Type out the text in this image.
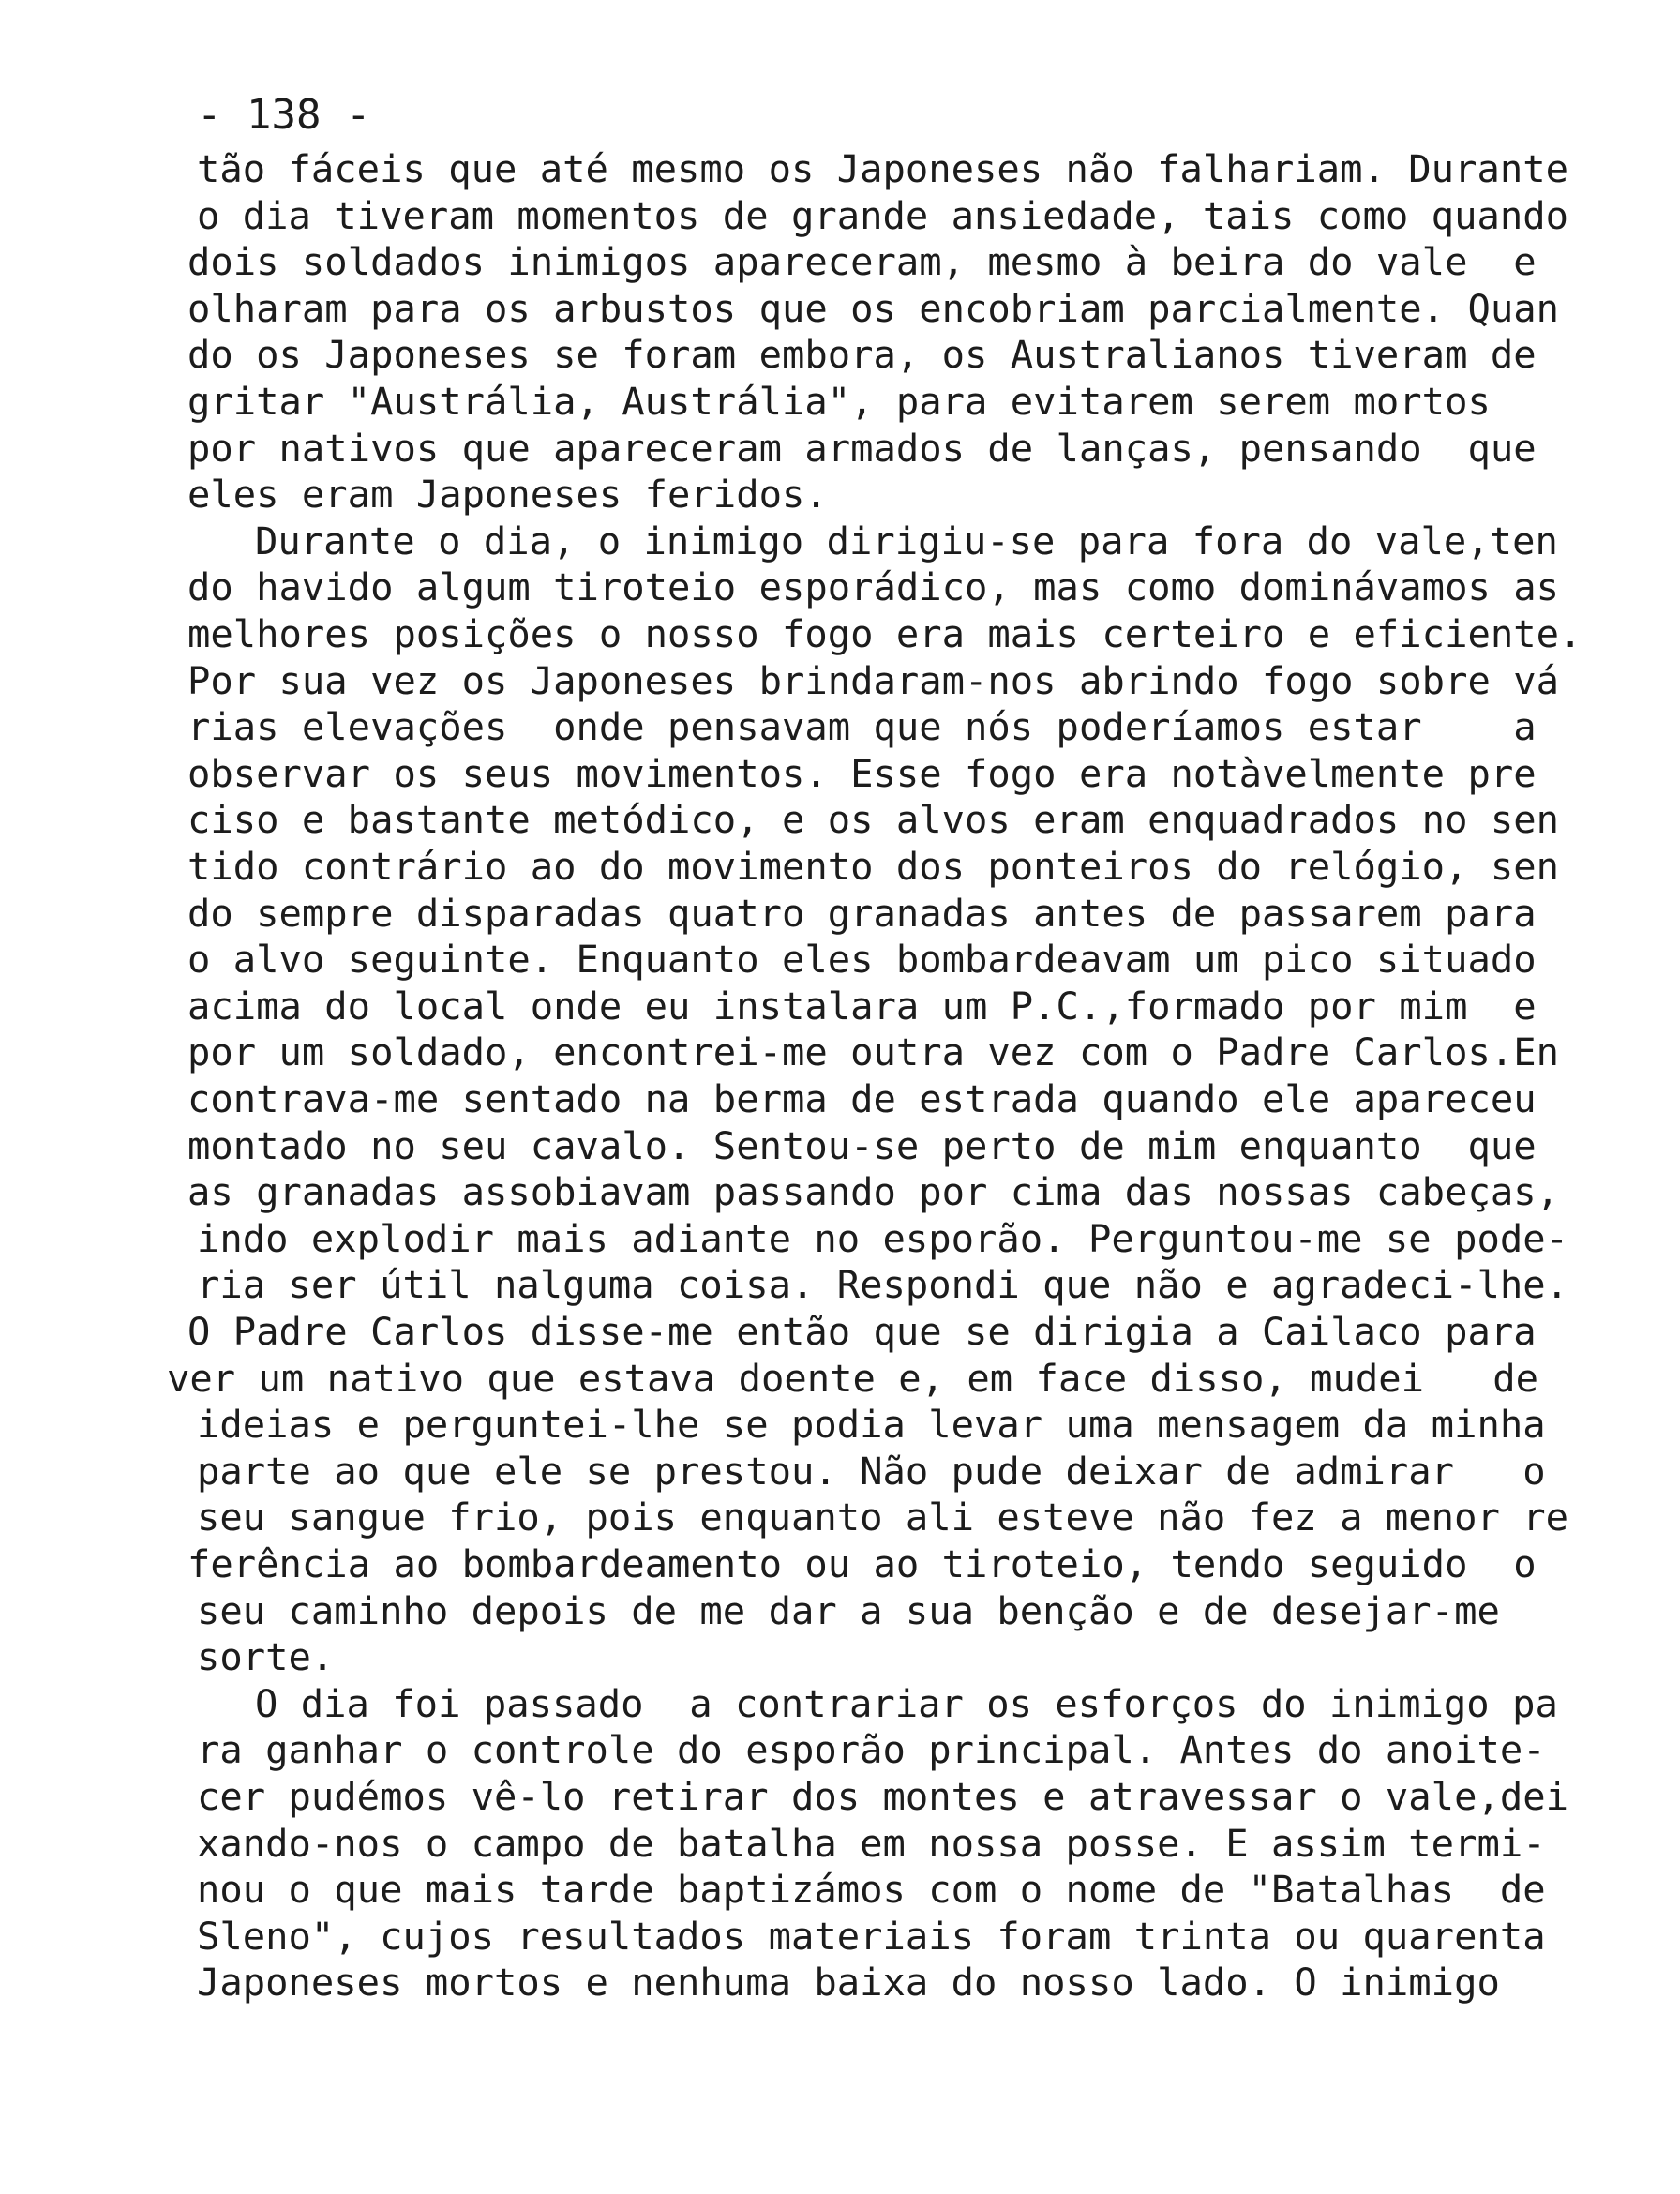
- 138 -
tão fáceis que até mesmo os Japoneses não falhariam. Durante
o dia tiveram momentos de grande ansiedade, tais como quando
dois soldados inimigos apareceram, mesmo à beira do vale  e
olharam para os arbustos que os encobriam parcialmente. Quan
do os Japoneses se foram embora, os Australianos tiveram de
gritar "Austrália, Austrália", para evitarem serem mortos
por nativos que apareceram armados de lanças, pensando  que
eles eram Japoneses feridos.
Durante o dia, o inimigo dirigiu-se para fora do vale,ten
do havido algum tiroteio esporádico, mas como dominávamos as
melhores posições o nosso fogo era mais certeiro e eficiente.
Por sua vez os Japoneses brindaram-nos abrindo fogo sobre vá
rias elevações  onde pensavam que nós poderíamos estar    a
observar os seus movimentos. Esse fogo era notàvelmente pre
ciso e bastante metódico, e os alvos eram enquadrados no sen
tido contrário ao do movimento dos ponteiros do relógio, sen
do sempre disparadas quatro granadas antes de passarem para
o alvo seguinte. Enquanto eles bombardeavam um pico situado
acima do local onde eu instalara um P.C.,formado por mim  e
por um soldado, encontrei-me outra vez com o Padre Carlos.En
contrava-me sentado na berma de estrada quando ele apareceu
montado no seu cavalo. Sentou-se perto de mim enquanto  que
as granadas assobiavam passando por cima das nossas cabeças,
indo explodir mais adiante no esporão. Perguntou-me se pode-
ria ser útil nalguma coisa. Respondi que não e agradeci-lhe.
O Padre Carlos disse-me então que se dirigia a Cailaco para
ver um nativo que estava doente e, em face disso, mudei   de
ideias e perguntei-lhe se podia levar uma mensagem da minha
parte ao que ele se prestou. Não pude deixar de admirar   o
seu sangue frio, pois enquanto ali esteve não fez a menor re
ferência ao bombardeamento ou ao tiroteio, tendo seguido  o
seu caminho depois de me dar a sua benção e de desejar-me
sorte.
O dia foi passado  a contrariar os esforços do inimigo pa
ra ganhar o controle do esporão principal. Antes do anoite-
cer pudémos vê-lo retirar dos montes e atravessar o vale,dei
xando-nos o campo de batalha em nossa posse. E assim termi-
nou o que mais tarde baptizámos com o nome de "Batalhas  de
Sleno", cujos resultados materiais foram trinta ou quarenta
Japoneses mortos e nenhuma baixa do nosso lado. O inimigo
